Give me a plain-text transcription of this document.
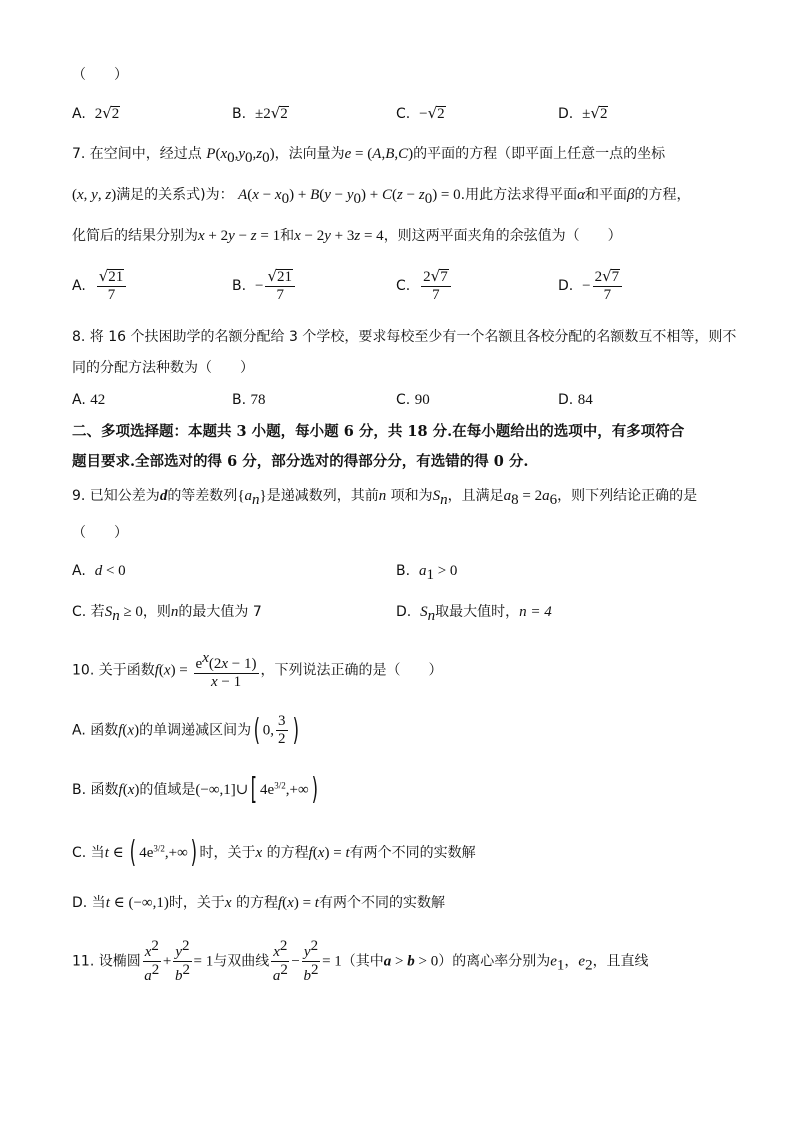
（　　）
A. 2√2	B. ±2√2	C. −√2	D. ±√2
7. 在空间中，经过点 $P(x_0,y_0,z_0)$，法向量为e = (A,B,C)的平面的方程（即平面上任意一点的坐标
(x, y, z)满足的关系式)为： $A(x - x_0) + B(y - y_0) + C(z - z_0) = 0$.用此方法求得平面α和平面β的方程，
化简后的结果分别为x + 2y − z = 1和x − 2y + 3z = 4，则这两平面夹角的余弦值为（　　）
A. $\frac{√21}{7}$	B. − $\frac{√21}{7}$	C. $\frac{2√7}{7}$	D. − $\frac{2√7}{7}$
8. 将 16 个扶困助学的名额分配给 3 个学校，要求每校至少有一个名额且各校分配的名额数互不相等，则不
同的分配方法种数为（　　）
A. 42	B. 78	C. 90	D. 84
二、多项选择题：本题共 3 小题，每小题 6 分，共 18 分.在每小题给出的选项中，有多项符合
题目要求.全部选对的得 6 分，部分选对的得部分分，有选错的得 0 分.
9. 已知公差为d的等差数列$\{a_n\}$是递减数列，其前n 项和为$S_n$，且满足$a_8 = 2a_6$，则下列结论正确的是
（　　）
A. d < 0	B. $a_1 > 0$
C. 若$S_n \ge 0$，则n的最大值为 7	D. $S_n$取最大值时，n = 4
10. 关于函数$f(x) = \frac{e^x(2x - 1)}{x - 1}$ ，下列说法正确的是（　　）
A. 函数f(x)的单调递减区间为( 0, $\frac{3}{2}$ )
B. 函数f(x)的值域是(−∞,1]∪[ $4e^{3/2},+\infty$)
C. 当t ∈ ( $4e^{3/2},+\infty$) 时，关于x 的方程f(x) = t有两个不同的实数解
D. 当t ∈ (−∞,1)时，关于x 的方程f(x) = t有两个不同的实数解
11. 设椭圆 $\frac{x^2}{a^2} + \frac{y^2}{b^2} = 1$与双曲线 $\frac{x^2}{a^2} - \frac{y^2}{b^2} = 1$（其中a > b > 0）的离心率分别为$e_1$，$e_2$，且直线
